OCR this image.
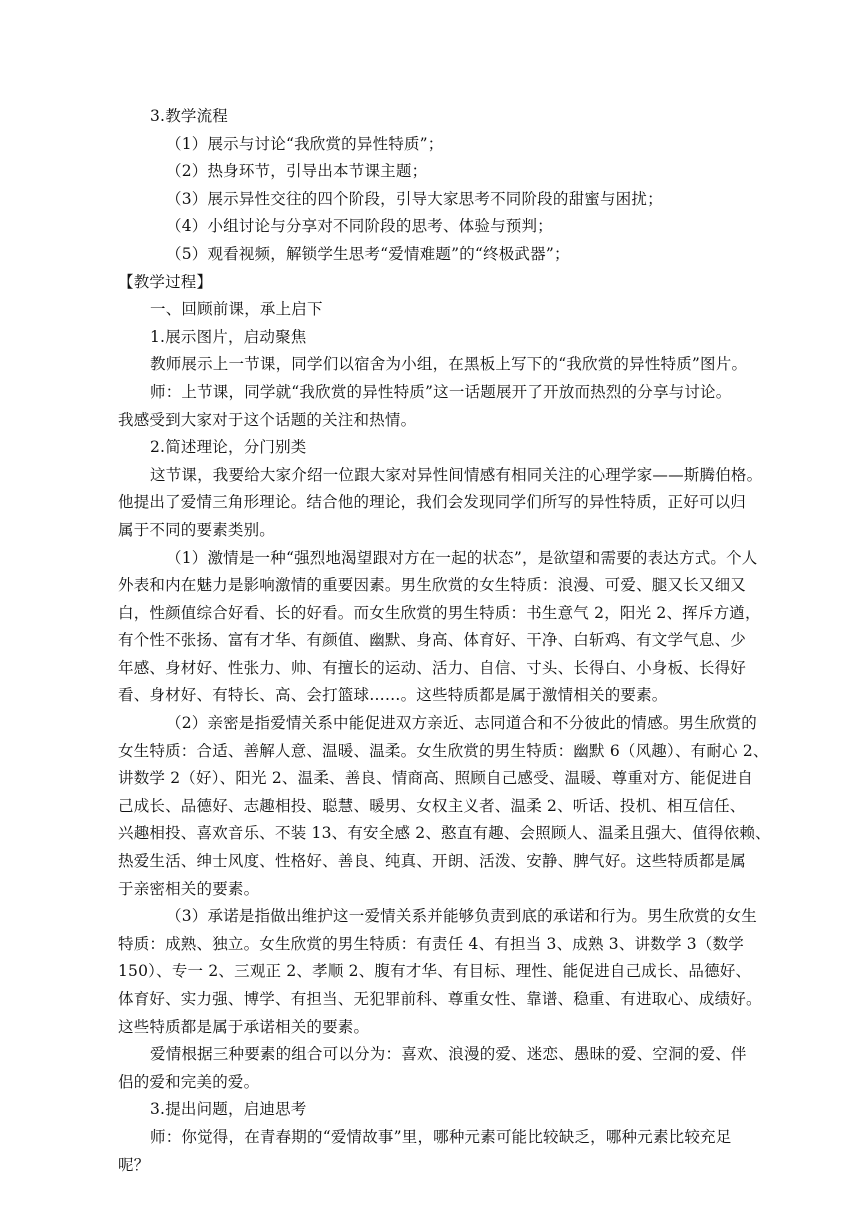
3.教学流程
（1）展示与讨论“我欣赏的异性特质”；
（2）热身环节，引导出本节课主题；
（3）展示异性交往的四个阶段，引导大家思考不同阶段的甜蜜与困扰；
（4）小组讨论与分享对不同阶段的思考、体验与预判；
（5）观看视频，解锁学生思考“爱情难题”的“终极武器”；
【教学过程】
一、回顾前课，承上启下
1.展示图片，启动聚焦
教师展示上一节课，同学们以宿舍为小组，在黑板上写下的“我欣赏的异性特质”图片。
师：上节课，同学就“我欣赏的异性特质”这一话题展开了开放而热烈的分享与讨论。
我感受到大家对于这个话题的关注和热情。
2.简述理论，分门别类
这节课，我要给大家介绍一位跟大家对异性间情感有相同关注的心理学家——斯腾伯格。
他提出了爱情三角形理论。结合他的理论，我们会发现同学们所写的异性特质，正好可以归
属于不同的要素类别。
（1）激情是一种“强烈地渴望跟对方在一起的状态”，是欲望和需要的表达方式。个人
外表和内在魅力是影响激情的重要因素。男生欣赏的女生特质：浪漫、可爱、腿又长又细又
白，性颜值综合好看、长的好看。而女生欣赏的男生特质：书生意气 2，阳光 2、挥斥方遒，
有个性不张扬、富有才华、有颜值、幽默、身高、体育好、干净、白斩鸡、有文学气息、少
年感、身材好、性张力、帅、有擅长的运动、活力、自信、寸头、长得白、小身板、长得好
看、身材好、有特长、高、会打篮球……。这些特质都是属于激情相关的要素。
（2）亲密是指爱情关系中能促进双方亲近、志同道合和不分彼此的情感。男生欣赏的
女生特质：合适、善解人意、温暖、温柔。女生欣赏的男生特质：幽默 6（风趣）、有耐心 2、
讲数学 2（好）、阳光 2、温柔、善良、情商高、照顾自己感受、温暖、尊重对方、能促进自
己成长、品德好、志趣相投、聪慧、暖男、女权主义者、温柔 2、听话、投机、相互信任、
兴趣相投、喜欢音乐、不装 13、有安全感 2、憨直有趣、会照顾人、温柔且强大、值得依赖、
热爱生活、绅士风度、性格好、善良、纯真、开朗、活泼、安静、脾气好。这些特质都是属
于亲密相关的要素。
（3）承诺是指做出维护这一爱情关系并能够负责到底的承诺和行为。男生欣赏的女生
特质：成熟、独立。女生欣赏的男生特质：有责任 4、有担当 3、成熟 3、讲数学 3（数学
150）、专一 2、三观正 2、孝顺 2、腹有才华、有目标、理性、能促进自己成长、品德好、
体育好、实力强、博学、有担当、无犯罪前科、尊重女性、靠谱、稳重、有进取心、成绩好。
这些特质都是属于承诺相关的要素。
爱情根据三种要素的组合可以分为：喜欢、浪漫的爱、迷恋、愚昧的爱、空洞的爱、伴
侣的爱和完美的爱。
3.提出问题，启迪思考
师：你觉得，在青春期的“爱情故事”里，哪种元素可能比较缺乏，哪种元素比较充足
呢？
